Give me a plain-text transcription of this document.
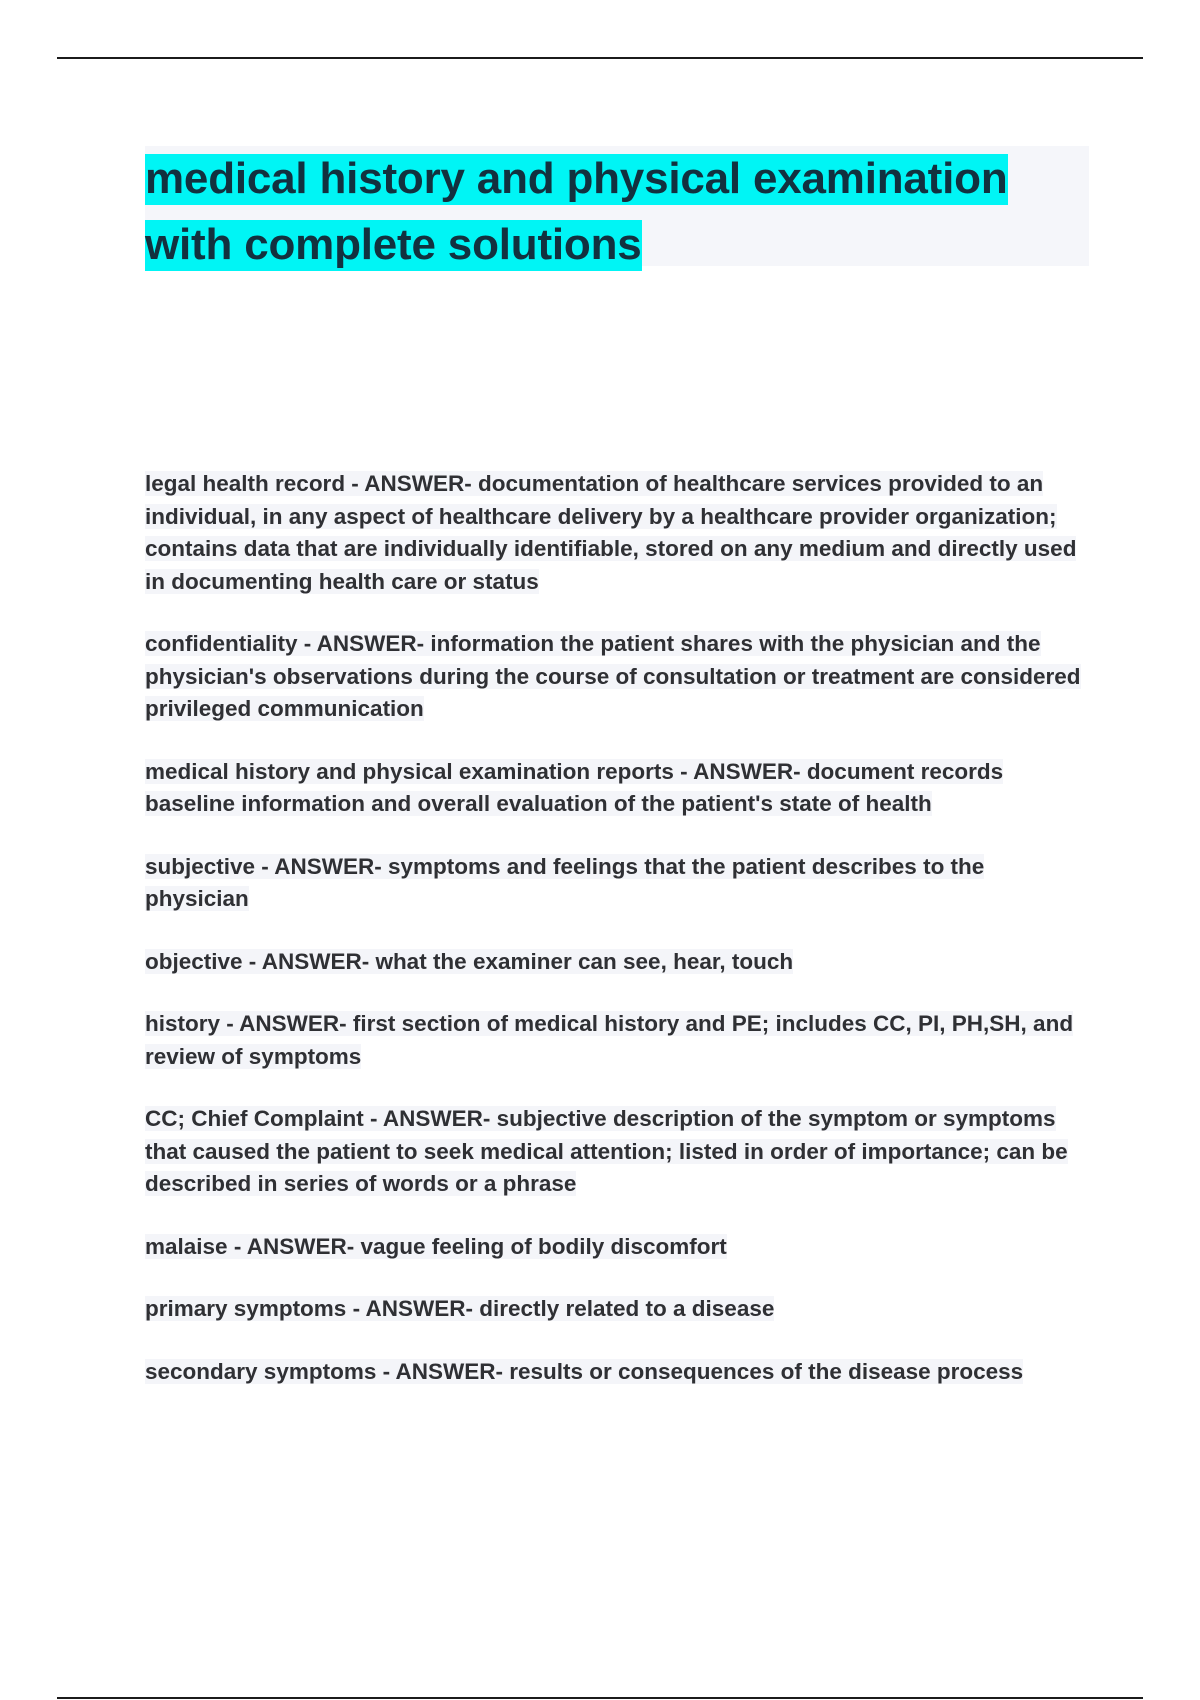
medical history and physical examination with complete solutions

legal health record - ANSWER- documentation of healthcare services provided to an individual, in any aspect of healthcare delivery by a healthcare provider organization; contains data that are individually identifiable, stored on any medium and directly used in documenting health care or status

confidentiality - ANSWER- information the patient shares with the physician and the physician's observations during the course of consultation or treatment are considered privileged communication

medical history and physical examination reports - ANSWER- document records baseline information and overall evaluation of the patient's state of health

subjective - ANSWER- symptoms and feelings that the patient describes to the physician

objective - ANSWER- what the examiner can see, hear, touch

history - ANSWER- first section of medical history and PE; includes CC, PI, PH,SH, and review of symptoms

CC; Chief Complaint - ANSWER- subjective description of the symptom or symptoms that caused the patient to seek medical attention; listed in order of importance; can be described in series of words or a phrase

malaise - ANSWER- vague feeling of bodily discomfort

primary symptoms - ANSWER- directly related to a disease

secondary symptoms - ANSWER- results or consequences of the disease process
